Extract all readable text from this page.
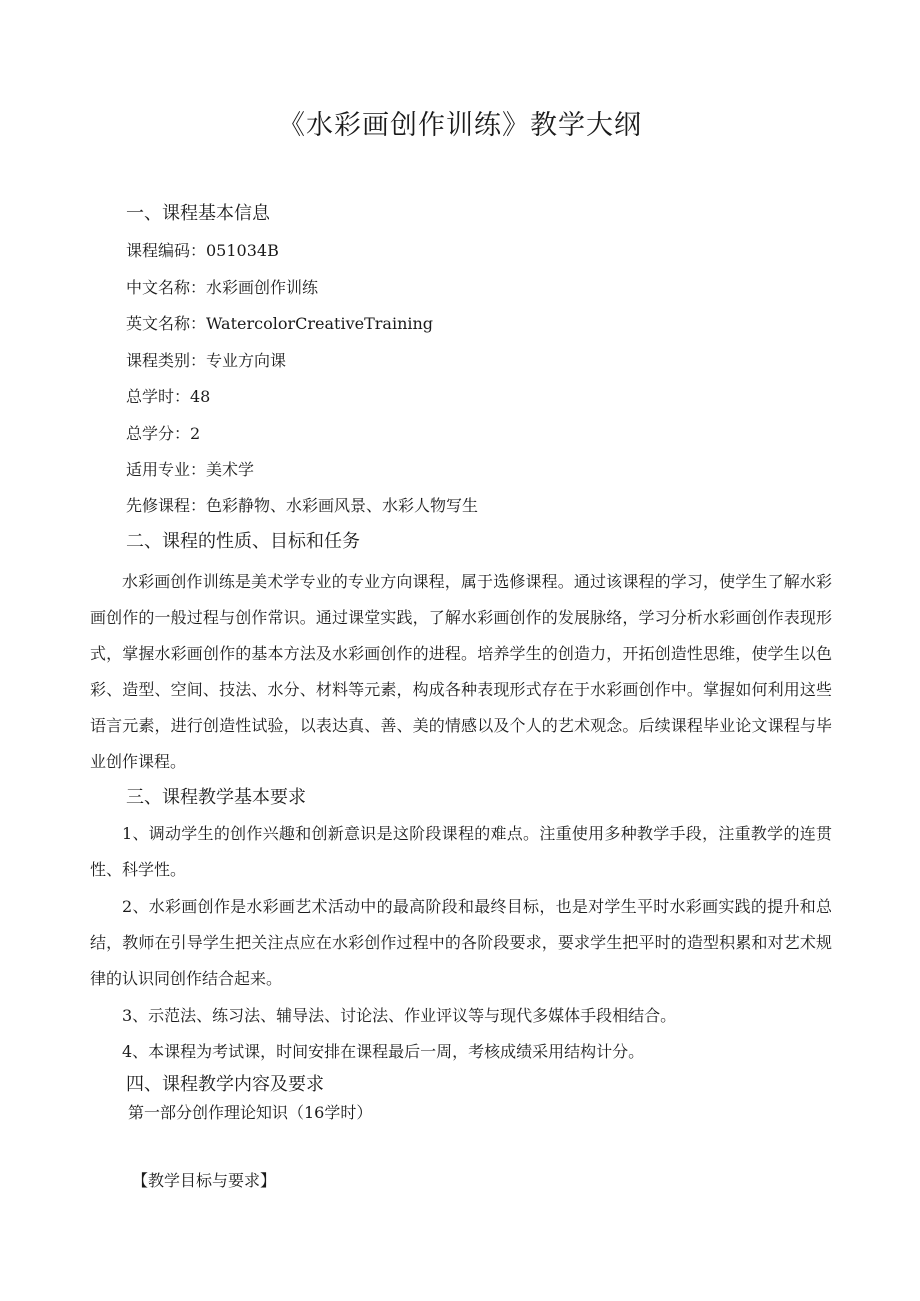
《水彩画创作训练》教学大纲
一、课程基本信息
课程编码：051034B
中文名称：水彩画创作训练
英文名称：WatercolorCreativeTraining
课程类别：专业方向课
总学时：48
总学分：2
适用专业：美术学
先修课程：色彩静物、水彩画风景、水彩人物写生
二、课程的性质、目标和任务

水彩画创作训练是美术学专业的专业方向课程，属于选修课程。通过该课程的学习，使学生了解水彩画创作的一般过程与创作常识。通过课堂实践，了解水彩画创作的发展脉络，学习分析水彩画创作表现形式，掌握水彩画创作的基本方法及水彩画创作的进程。培养学生的创造力，开拓创造性思维，使学生以色彩、造型、空间、技法、水分、材料等元素，构成各种表现形式存在于水彩画创作中。掌握如何利用这些语言元素，进行创造性试验，以表达真、善、美的情感以及个人的艺术观念。后续课程毕业论文课程与毕业创作课程。

三、课程教学基本要求

1、调动学生的创作兴趣和创新意识是这阶段课程的难点。注重使用多种教学手段，注重教学的连贯性、科学性。

2、水彩画创作是水彩画艺术活动中的最高阶段和最终目标，也是对学生平时水彩画实践的提升和总结，教师在引导学生把关注点应在水彩创作过程中的各阶段要求，要求学生把平时的造型积累和对艺术规律的认识同创作结合起来。

3、示范法、练习法、辅导法、讨论法、作业评议等与现代多媒体手段相结合。

4、本课程为考试课，时间安排在课程最后一周，考核成绩采用结构计分。

四、课程教学内容及要求
第一部分创作理论知识（16学时）
【教学目标与要求】
